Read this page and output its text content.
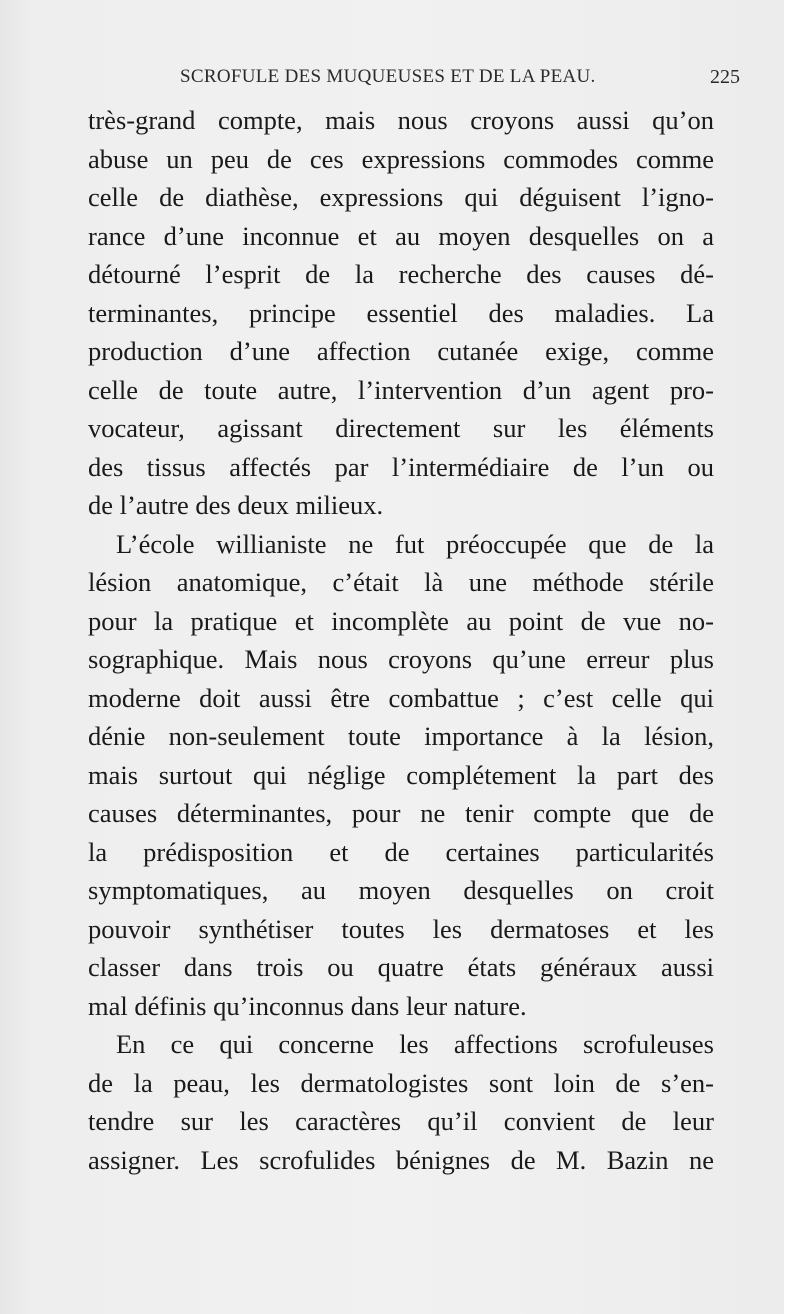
SCROFULE DES MUQUEUSES ET DE LA PEAU.	225
très-grand compte, mais nous croyons aussi qu’on
abuse un peu de ces expressions commodes comme
celle de diathèse, expressions qui déguisent l’igno-
rance d’une inconnue et au moyen desquelles on a
détourné l’esprit de la recherche des causes dé-
terminantes, principe essentiel des maladies. La
production d’une affection cutanée exige, comme
celle de toute autre, l’intervention d’un agent pro-
vocateur, agissant directement sur les éléments
des tissus affectés par l’intermédiaire de l’un ou
de l’autre des deux milieux.
L’école willianiste ne fut préoccupée que de la
lésion anatomique, c’était là une méthode stérile
pour la pratique et incomplète au point de vue no-
sographique. Mais nous croyons qu’une erreur plus
moderne doit aussi être combattue ; c’est celle qui
dénie non-seulement toute importance à la lésion,
mais surtout qui néglige complétement la part des
causes déterminantes, pour ne tenir compte que de
la prédisposition et de certaines particularités
symptomatiques, au moyen desquelles on croit
pouvoir synthétiser toutes les dermatoses et les
classer dans trois ou quatre états généraux aussi
mal définis qu’inconnus dans leur nature.
En ce qui concerne les affections scrofuleuses
de la peau, les dermatologistes sont loin de s’en-
tendre sur les caractères qu’il convient de leur
assigner. Les scrofulides bénignes de M. Bazin ne
